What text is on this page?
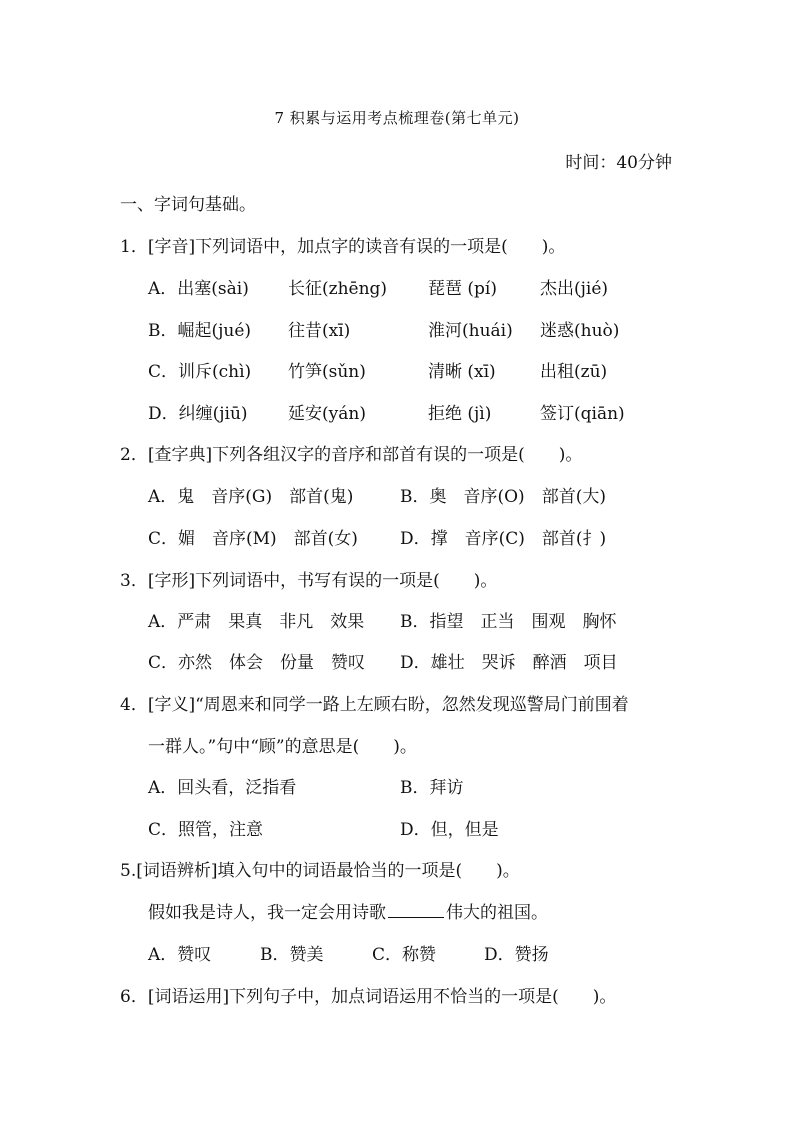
7 积累与运用考点梳理卷(第七单元)
时间：40分钟
一、字词句基础。
1．[字音]下列词语中，加点字的读音有误的一项是(　　)。
A．出塞(sài) 长征(zhēng) 琵琶 (pí)	杰出(jié)
B．崛起(jué) 往昔(xī)	淮河(huái) 迷惑(huò)
C．训斥(chì) 竹笋(sǔn)	清晰 (xī)	出租(zū)
D．纠缠(jiū) 延安(yán)	拒绝 (jì)	签订(qiān)
2．[查字典]下列各组汉字的音序和部首有误的一项是(　　)。
A．鬼　音序(G)　部首(鬼)	B．奥　音序(O)　部首(大)
C．媚　音序(M)　部首(女) D．撑　音序(C)　部首(扌)
3．[字形]下列词语中，书写有误的一项是(　　)。
A．严肃　果真　非凡　效果 B．指望　正当　围观　胸怀
C．亦然　体会　份量　赞叹 D．雄壮　哭诉　醉酒　项目
4．[字义]“周恩来和同学一路上左顾右盼，忽然发现巡警局门前围着
一群人。”句中“顾”的意思是(　　)。
A．回头看，泛指看	B．拜访
C．照管，注意	D．但，但是
5.[词语辨析]填入句中的词语最恰当的一项是(　　)。
假如我是诗人，我一定会用诗歌	伟大的祖国。
A．赞叹	B．赞美	C．称赞	D．赞扬
6．[词语运用]下列句子中，加点词语运用不恰当的一项是(　　)。
